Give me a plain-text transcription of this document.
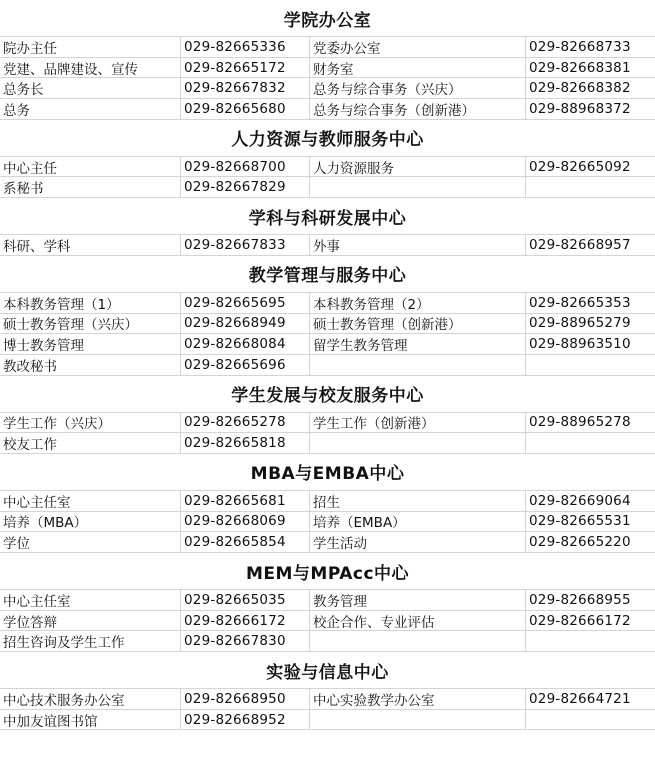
学院办公室
院办主任	029-82665336	党委办公室	029-82668733
党建、品牌建设、宣传	029-82665172	财务室	029-82668381
总务长	029-82667832	总务与综合事务（兴庆）	029-82668382
总务	029-82665680	总务与综合事务（创新港）	029-88968372
人力资源与教师服务中心
中心主任	029-82668700	人力资源服务	029-82665092
系秘书	029-82667829
学科与科研发展中心
科研、学科	029-82667833	外事	029-82668957
教学管理与服务中心
本科教务管理（1）	029-82665695	本科教务管理（2）	029-82665353
硕士教务管理（兴庆）	029-82668949	硕士教务管理（创新港）	029-88965279
博士教务管理	029-82668084	留学生教务管理	029-88963510
教改秘书	029-82665696
学生发展与校友服务中心
学生工作（兴庆）	029-82665278	学生工作（创新港）	029-88965278
校友工作	029-82665818
MBA与EMBA中心
中心主任室	029-82665681	招生	029-82669064
培养（MBA）	029-82668069	培养（EMBA）	029-82665531
学位	029-82665854	学生活动	029-82665220
MEM与MPAcc中心
中心主任室	029-82665035	教务管理	029-82668955
学位答辩	029-82666172	校企合作、专业评估	029-82666172
招生咨询及学生工作	029-82667830
实验与信息中心
中心技术服务办公室	029-82668950	中心实验教学办公室	029-82664721
中加友谊图书馆	029-82668952
